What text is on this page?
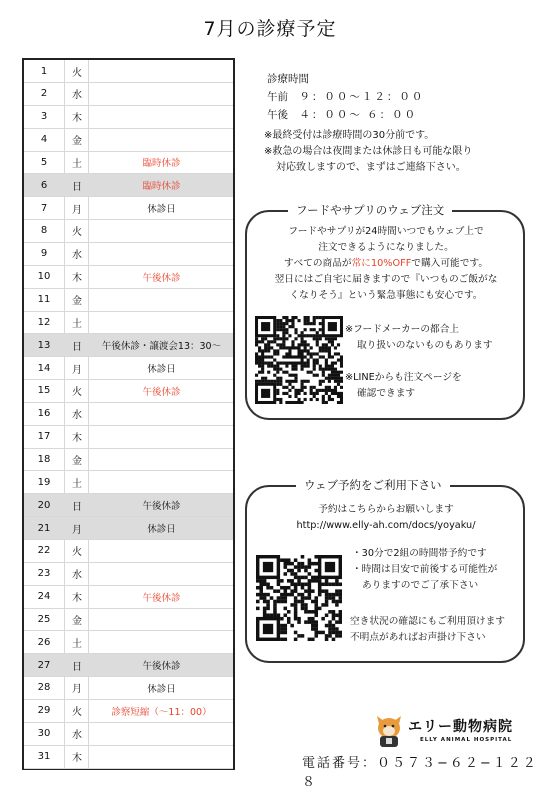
7月の診療予定
1	火
2	水
3	木
4	金
5	土	臨時休診
6	日	臨時休診
7	月	休診日
8	火
9	水
10	木	午後休診
11	金
12	土
13	日	午後休診・譲渡会13：30〜
14	月	休診日
15	火	午後休診
16	水
17	木
18	金
19	土
20	日	午後休診
21	月	休診日
22	火
23	水
24	木	午後休診
25	金
26	土
27	日	午後休診
28	月	休診日
29	火	診察短縮（〜11：00）
30	水
31	木
診療時間
午前 ９：００〜１２：００
午後 ４：００〜 ６：００
※最終受付は診療時間の30分前です。
※救急の場合は夜間または休診日も可能な限り
対応致しますので、まずはご連絡下さい。
フードやサプリのウェブ注文
フードやサプリが24時間いつでもウェブ上で
注文できるようになりました。
すべての商品が常に10%OFFで購入可能です。
翌日にはご自宅に届きますので『いつものご飯がな
くなりそう』という緊急事態にも安心です。
※フードメーカーの都合上
取り扱いのないものもあります
※LINEからも注文ページを
確認できます
ウェブ予約をご利用下さい
予約はこちらからお願いします
http://www.elly-ah.com/docs/yoyaku/
・30分で2組の時間帯予約です
・時間は目安で前後する可能性が
ありますのでご了承下さい
空き状況の確認にもご利用頂けます
不明点があればお声掛け下さい
エリー動物病院
ELLY ANIMAL HOSPITAL
電話番号：０５７３−６２−１２２８
